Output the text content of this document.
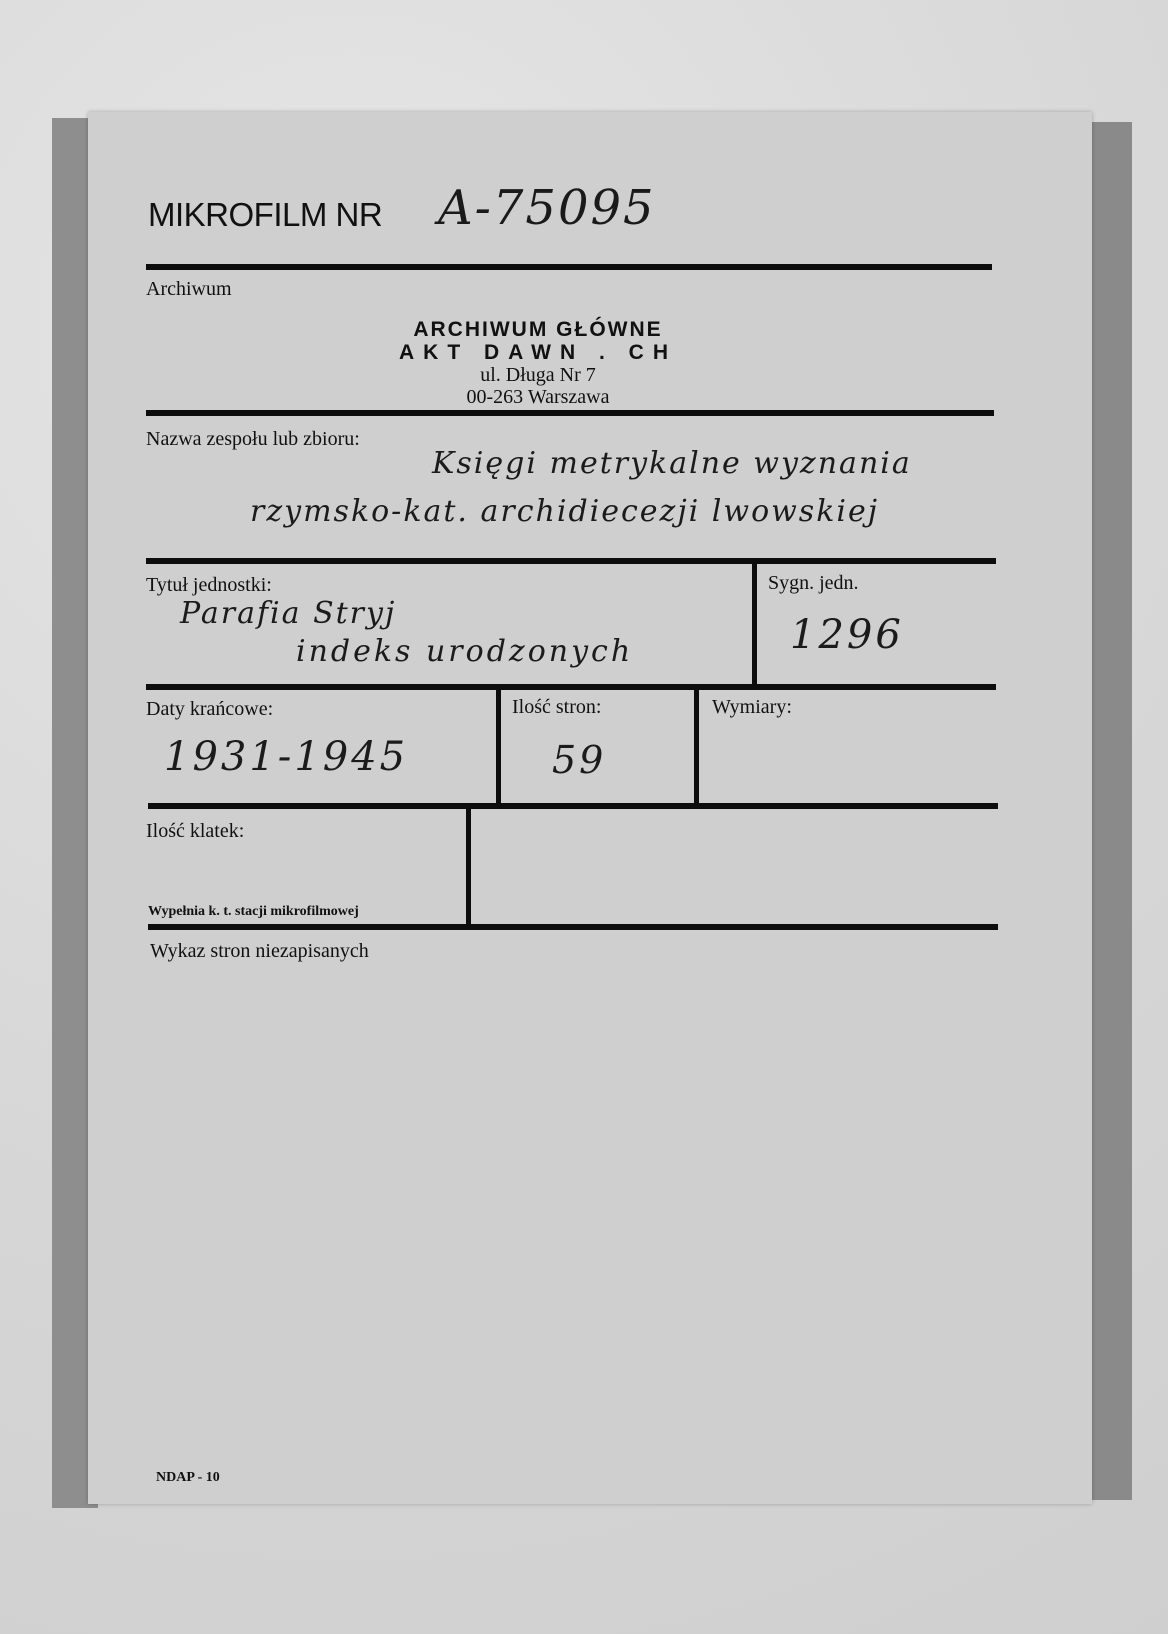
MIKROFILM NR A-75095
Archiwum
ARCHIWUM GŁÓWNE
AKT DAWN . CH
ul. Długa Nr 7
00-263 Warszawa
Nazwa zespołu lub zbioru:
Księgi metrykalne wyznania
rzymsko-kat. archidiecezji lwowskiej
Tytuł jednostki:
Parafia Stryj
indeks urodzonych
Sygn. jedn.
1296
Daty krańcowe:
1931-1945
Ilość stron:
59
Wymiary:
Ilość klatek:
Wypełnia k. t. stacji mikrofilmowej
Wykaz stron niezapisanych
NDAP - 10
